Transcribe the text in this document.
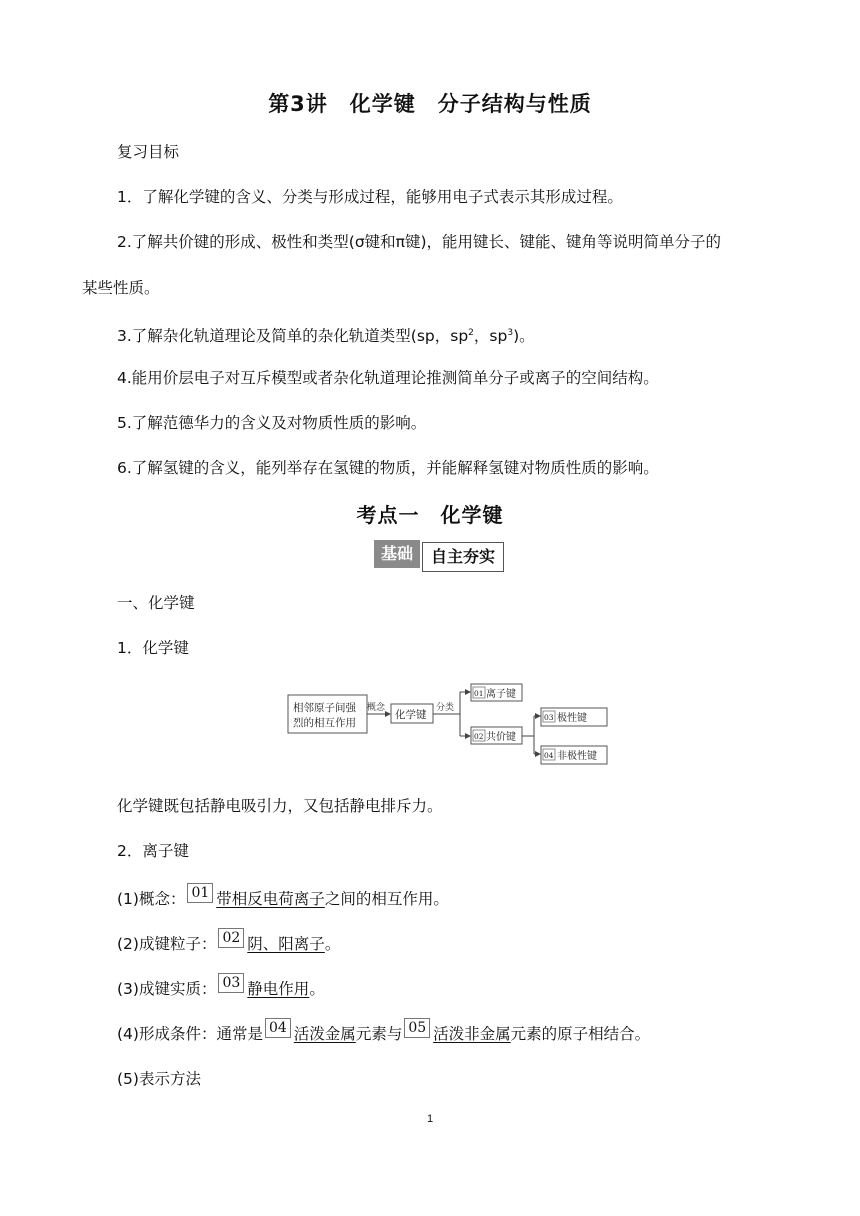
第3讲　化学键　分子结构与性质
复习目标
1．了解化学键的含义、分类与形成过程，能够用电子式表示其形成过程。
2.了解共价键的形成、极性和类型(σ键和π键)，能用键长、键能、键角等说明简单分子的
某些性质。
3.了解杂化轨道理论及简单的杂化轨道类型(sp，$sp^2$，$sp^3$)。
4.能用价层电子对互斥模型或者杂化轨道理论推测简单分子或离子的空间结构。
5.了解范德华力的含义及对物质性质的影响。
6.了解氢键的含义，能列举存在氢键的物质，并能解释氢键对物质性质的影响。
考点一　化学键
基础	自主夯实
一、化学键
1．化学键
相邻原子间强
烈的相互作用
概念
化学键
分类
01 离子键
02 共价键
03 极性键
04 非极性键
化学键既包括静电吸引力，又包括静电排斥力。
2．离子键
(1)概念： 01 带相反电荷离子之间的相互作用。
(2)成键粒子： 02 阴、阳离子。
(3)成键实质： 03 静电作用。
(4)形成条件：通常是 04 活泼金属元素与 05 活泼非金属元素的原子相结合。
(5)表示方法
1
